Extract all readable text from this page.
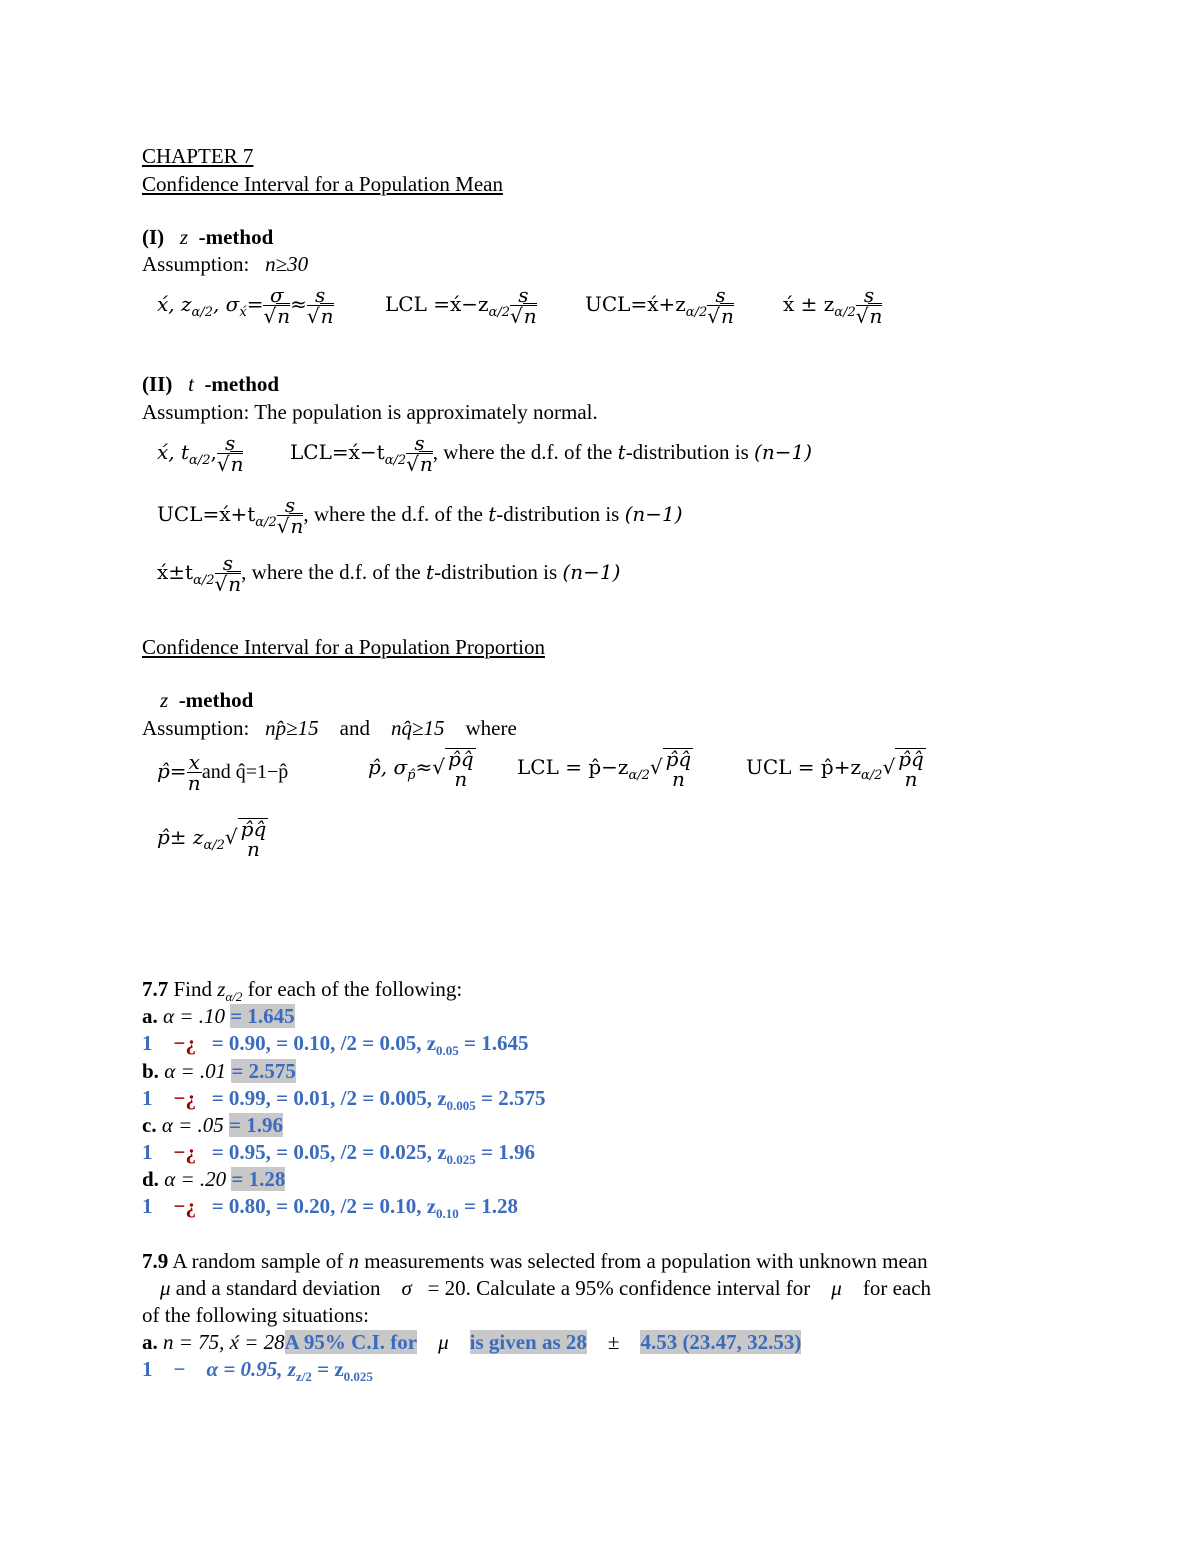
CHAPTER 7
Confidence Interval for a Population Mean
(I) z -method
Assumption: n≥30
x́, $z_{\alpha/2}$, $\sigma_{x́}= \frac{\sigma}{√n} \approx \frac{s}{√n}$	LCL $=x́-z_{\alpha/2} \frac{s}{√n}$ $UCL=x́+z_{\alpha/2} \frac{s}{√n}$ x́ ± $z_{\alpha/2} \frac{s}{√n}$
(II) t -method
Assumption: The population is approximately normal.
x́, $t_{\alpha/2}$, $\frac{s}{√n}$ $LCL=x́-t_{\alpha/2} \frac{s}{√n}$ , where the d.f. of the t-distribution is (n−1)
$UCL=x́+t_{\alpha/2} \frac{s}{√n}$ , where the d.f. of the t-distribution is (n−1)
$x́\pm t_{\alpha/2} \frac{s}{√n}$ , where the d.f. of the t-distribution is (n−1)
Confidence Interval for a Population Proportion
z -method
Assumption: np̂≥15 and nq̂≥15 where
p̂= $\frac{x}{n}$ and q̂=1−p̂	p̂, $\sigma_{p̂}\approx√$ p̂q̂
n	LCL = $p̂-z_{\alpha/2}√$ p̂q̂
n	UCL = $p̂+z_{\alpha/2}√$ p̂q̂
n
p̂± $z_{\alpha/2}√$ p̂q̂
n
7.7 Find $z_{\alpha/2}$ for each of the following:
a. α = .10 = 1.645
1 −¿ = 0.90, = 0.10, /2 = 0.05, $z_{0.05} = 1.645$
b. α = .01 = 2.575
1 −¿ = 0.99, = 0.01, /2 = 0.005, $z_{0.005} = 2.575$
c. α = .05 = 1.96
1 −¿ = 0.95, = 0.05, /2 = 0.025, $z_{0.025} = 1.96$
d. α = .20 = 1.28
1 −¿ = 0.80, = 0.20, /2 = 0.10, $z_{0.10} = 1.28$
7.9 A random sample of n measurements was selected from a population with unknown mean
μ and a standard deviation σ   = 20. Calculate a 95% confidence interval for μ for each
of the following situations:
a. n = 75, x́ = 28A 95% C.I. for μ is given as 28 ± 4.53 (23.47, 32.53)
1 − α = 0.95, $z_{z/2} = z_{0.025}$
